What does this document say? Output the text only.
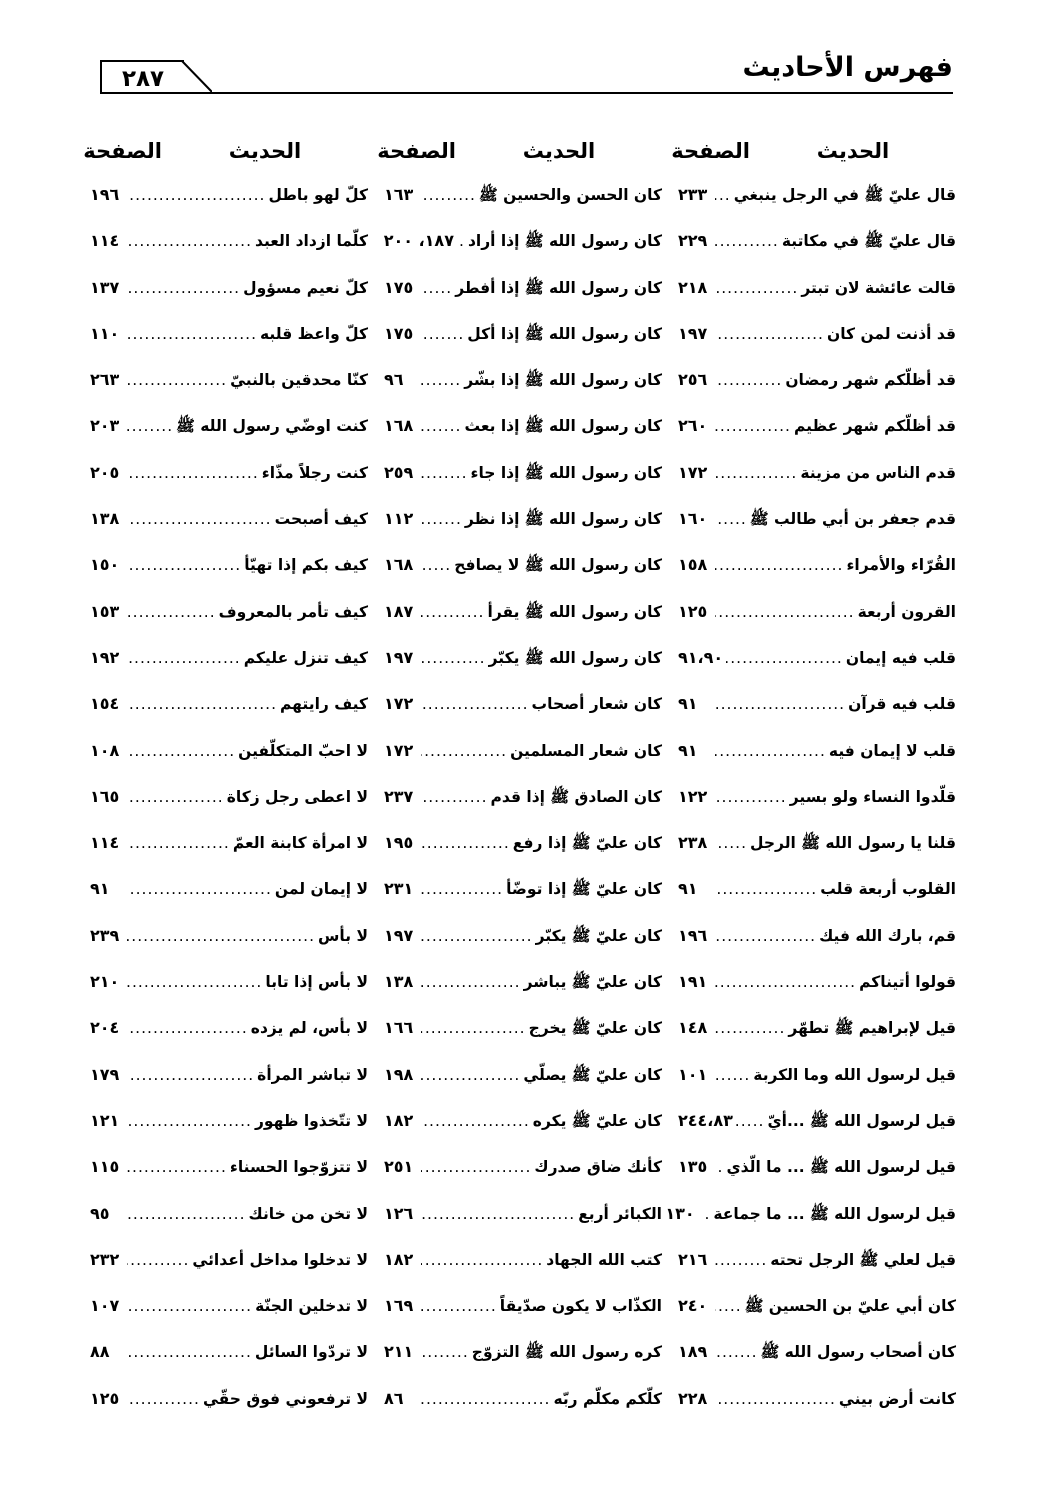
فهرس الأحاديث
٢٨٧
الحديث
الصفحة
قال عليّ ﷺ في الرجل ينبغي
.....
٢٣٣
قال عليّ ﷺ في مكاتبة
.....
٢٢٩
قالت عائشة لان تبتر
.....
٢١٨
قد أذنت لمن كان
.....
١٩٧
قد أظلّكم شهر رمضان
.....
٢٥٦
قد أظلّكم شهر عظيم
.....
٢٦٠
قدم الناس من مزينة
.....
١٧٢
قدم جعفر بن أبي طالب ﷺ
.....
١٦٠
القُرّاء والأمراء
.....
١٥٨
القرون أربعة
.....
١٢٥
قلب فيه إيمان
.....
٩١،٩٠
قلب فيه قرآن
.....
٩١
قلب لا إيمان فيه
.....
٩١
قلّدوا النساء ولو بسير
.....
١٢٢
قلنا يا رسول الله ﷺ الرجل
.....
٢٣٨
القلوب أربعة قلب
.....
٩١
قم، بارك الله فيك
.....
١٩٦
قولوا أتيناكم
.....
١٩١
قيل لإبراهيم ﷺ تطهّر
.....
١٤٨
قيل لرسول الله وما الكربة
.....
١٠١
قيل لرسول الله ﷺ ...أيّ
.....
٢٤٤،٨٣
قيل لرسول الله ﷺ ... ما الّذي
.....
١٣٥
قيل لرسول الله ﷺ ... ما جماعة
.....
١٣٠
قيل لعلي ﷺ الرجل تحته
.....
٢١٦
كان أبي عليّ بن الحسين ﷺ
.....
٢٤٠
كان أصحاب رسول الله ﷺ
.....
١٨٩
كانت أرض بيني
.....
٢٢٨
الحديث
الصفحة
كان الحسن والحسين ﷺ
.....
١٦٣
كان رسول الله ﷺ إذا أراد
.....
١٨٧، ٢٠٠
كان رسول الله ﷺ إذا أفطر
.....
١٧٥
كان رسول الله ﷺ إذا أكل
.....
١٧٥
كان رسول الله ﷺ إذا بشّر
.....
٩٦
كان رسول الله ﷺ إذا بعث
.....
١٦٨
كان رسول الله ﷺ إذا جاء
.....
٢٥٩
كان رسول الله ﷺ إذا نظر
.....
١١٢
كان رسول الله ﷺ لا يصافح
.....
١٦٨
كان رسول الله ﷺ يقرأ
.....
١٨٧
كان رسول الله ﷺ يكبّر
.....
١٩٧
كان شعار أصحاب
.....
١٧٢
كان شعار المسلمين
.....
١٧٢
كان الصادق ﷺ إذا قدم
.....
٢٣٧
كان عليّ ﷺ إذا رفع
.....
١٩٥
كان عليّ ﷺ إذا توضّأ
.....
٢٣١
كان عليّ ﷺ يكبّر
.....
١٩٧
كان عليّ ﷺ يباشر
.....
١٣٨
كان عليّ ﷺ يخرج
.....
١٦٦
كان عليّ ﷺ يصلّي
.....
١٩٨
كان عليّ ﷺ يكره
.....
١٨٢
كأنك ضاق صدرك
.....
٢٥١
الكبائر أربع
.....
١٢٦
كتب الله الجهاد
.....
١٨٢
الكذّاب لا يكون صدّيقاً
.....
١٦٩
كره رسول الله ﷺ التزوّج
.....
٢١١
كلّكم مكلّم ربّه
.....
٨٦
الحديث
الصفحة
كلّ لهو باطل
.....
١٩٦
كلّما ازداد العبد
.....
١١٤
كلّ نعيم مسؤول
.....
١٣٧
كلّ واعظ قلبه
.....
١١٠
كنّا محدقين بالنبيّ
.....
٢٦٣
كنت اوضّي رسول الله ﷺ
.....
٢٠٣
كنت رجلاً مذّاء
.....
٢٠٥
كيف أصبحت
.....
١٣٨
كيف بكم إذا تهيّأ
.....
١٥٠
كيف تأمر بالمعروف
.....
١٥٣
كيف تنزل عليكم
.....
١٩٢
كيف رايتهم
.....
١٥٤
لا احبّ المتكلّفين
.....
١٠٨
لا اعطى رجل زكاة
.....
١٦٥
لا امرأة كابنة العمّ
.....
١١٤
لا إيمان لمن
.....
٩١
لا بأس
.....
٢٣٩
لا بأس إذا تابا
.....
٢١٠
لا بأس، لم يزده
.....
٢٠٤
لا تباشر المرأة
.....
١٧٩
لا تتّخذوا ظهور
.....
١٢١
لا تتزوّجوا الحسناء
.....
١١٥
لا تخن من خانك
.....
٩٥
لا تدخلوا مداخل أعدائي
.....
٢٣٢
لا تدخلين الجنّة
.....
١٠٧
لا تردّوا السائل
.....
٨٨
لا ترفعوني فوق حقّي
.....
١٢٥
